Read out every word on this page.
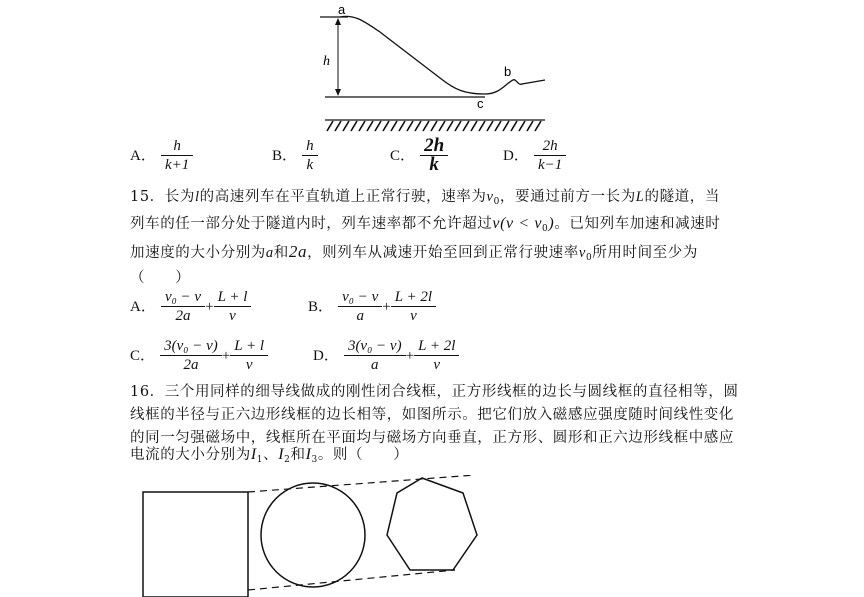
a
h
b
c
A． $\frac{h}{k+1}$	B． $\frac{h}{k}$	C． $\frac{2h}{k}$	D． $\frac{2h}{k-1}$
15．长为l的高速列车在平直轨道上正常行驶，速率为$v_0$，要通过前方一长为L的隧道，当
列车的任一部分处于隧道内时，列车速率都不允许超过$v(v < v_0)$。已知列车加速和减速时
加速度的大小分别为a和2a，则列车从减速开始至回到正常行驶速率$v_0$所用时间至少为
（　　）
A． $\frac{\text{v₀ − v}}{2a} + \frac{L + l}{v}$	B． $\frac{\text{v₀ − v}}{a} + \frac{L + 2l}{v}$
C． $\frac{\text{3(v₀ − v)}}{2a} + \frac{L + l}{v}$	D． $\frac{\text{3(v₀ − v)}}{a} + \frac{L + 2l}{v}$
16．三个用同样的细导线做成的刚性闭合线框，正方形线框的边长与圆线框的直径相等，圆
线框的半径与正六边形线框的边长相等，如图所示。把它们放入磁感应强度随时间线性变化
的同一匀强磁场中，线框所在平面均与磁场方向垂直，正方形、圆形和正六边形线框中感应
电流的大小分别为$I_1$、$I_2$和$I_3$。则（　　）
